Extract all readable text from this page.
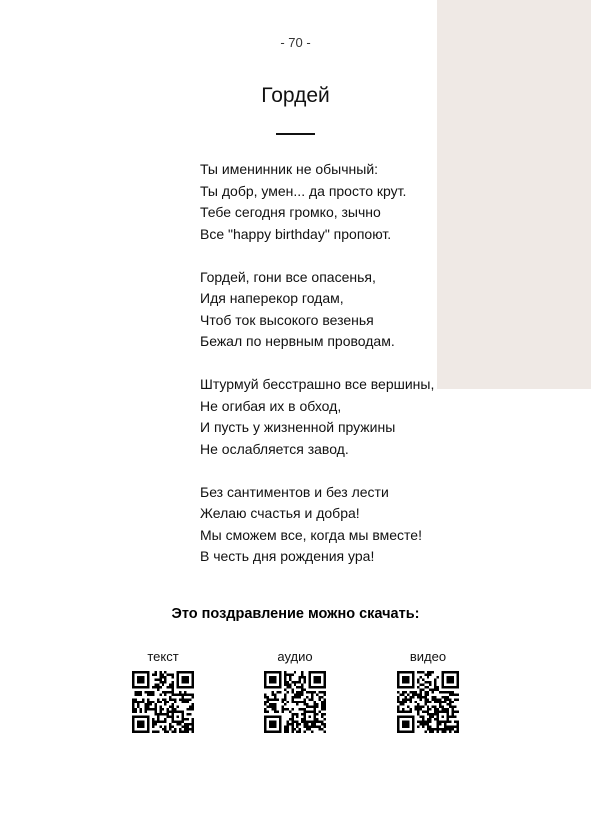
- 70 -
Гордей
Ты именинник не обычный:
Ты добр, умен... да просто крут.
Тебе сегодня громко, зычно
Все "happy birthday" пропоют.
Гордей, гони все опасенья,
Идя наперекор годам,
Чтоб ток высокого везенья
Бежал по нервным проводам.
Штурмуй бесстрашно все вершины,
Не огибая их в обход,
И пусть у жизненной пружины
Не ослабляется завод.
Без сантиментов и без лести
Желаю счастья и добра!
Мы сможем все, когда мы вместе!
В честь дня рождения ура!
Это поздравление можно скачать:
текст	аудио	видео
